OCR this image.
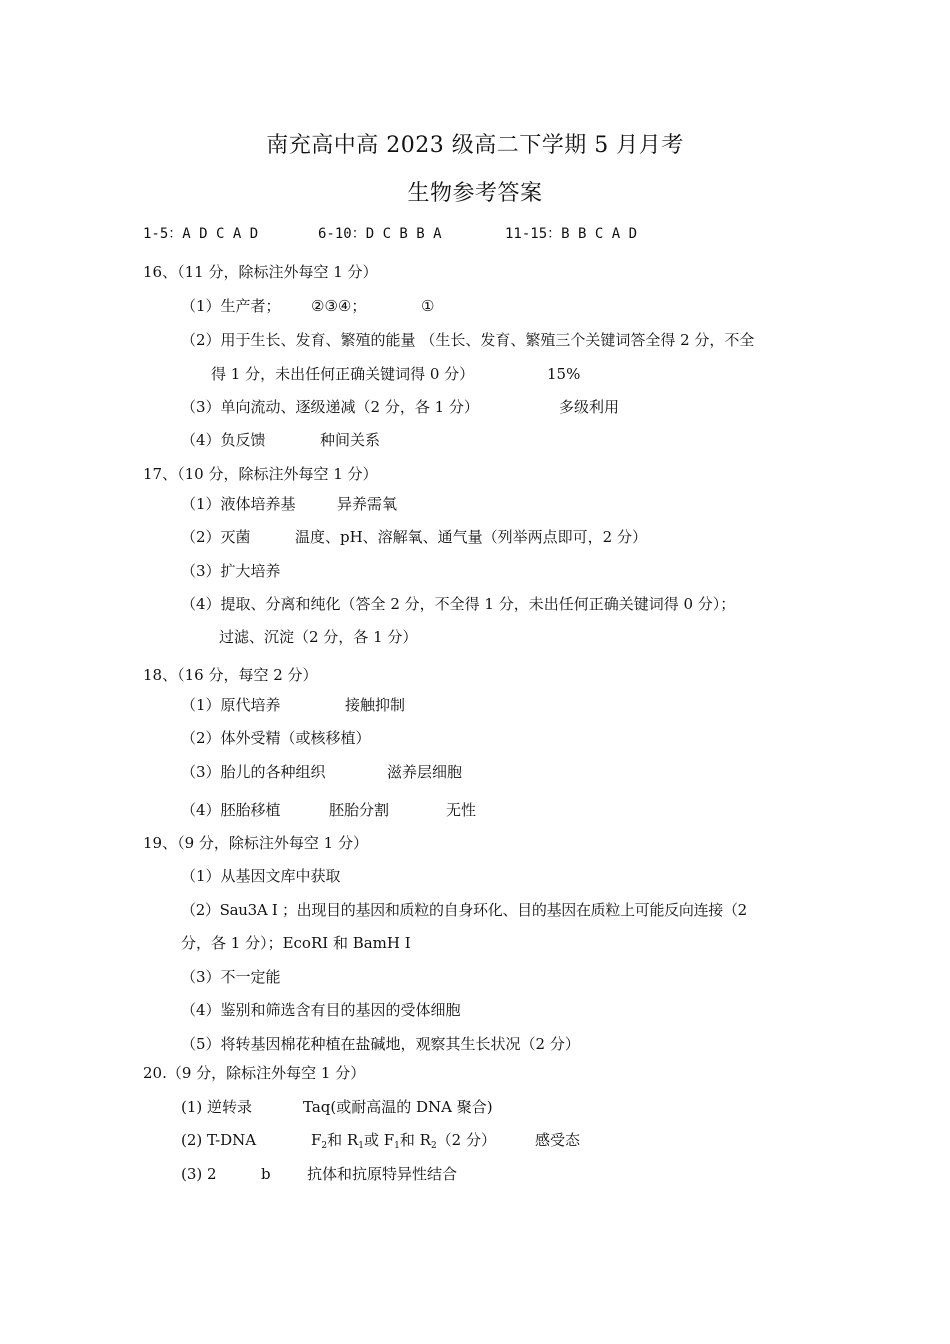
南充高中高 2023 级高二下学期 5 月月考
生物参考答案
1-5：A D C A D	6-10：D C B B A	11-15：B B C A D
16、（11 分，除标注外每空 1 分）
（1）生产者； ②③④；	①
（2）用于生长、发育、繁殖的能量 （生长、发育、繁殖三个关键词答全得 2 分，不全
得 1 分，未出任何正确关键词得 0 分）	15%
（3）单向流动、逐级递减（2 分，各 1 分）	多级利用
（4）负反馈	种间关系
17、（10 分，除标注外每空 1 分）
（1）液体培养基	异养需氧
（2）灭菌	温度、pH、溶解氧、通气量（列举两点即可，2 分）
（3）扩大培养
（4）提取、分离和纯化（答全 2 分，不全得 1 分，未出任何正确关键词得 0 分）；
过滤、沉淀（2 分，各 1 分）
18、（16 分，每空 2 分）
（1）原代培养	接触抑制
（2）体外受精（或核移植）
（3）胎儿的各种组织	滋养层细胞
（4）胚胎移植	胚胎分割	无性
19、（9 分，除标注外每空 1 分）
（1）从基因文库中获取
（2）Sau3A I ；出现目的基因和质粒的自身环化、目的基因在质粒上可能反向连接（2
分，各 1 分）；EcoRI 和 BamH I
（3）不一定能
（4）鉴别和筛选含有目的基因的受体细胞
（5）将转基因棉花种植在盐碱地，观察其生长状况（2 分）
20.（9 分，除标注外每空 1 分）
(1) 逆转录	Taq(或耐高温的 DNA 聚合)
(2) T-DNA	$F_2$和 $R_1$或 $F_1$和 $R_2(2$ 分）	感受态
(3) 2	b 抗体和抗原特异性结合
